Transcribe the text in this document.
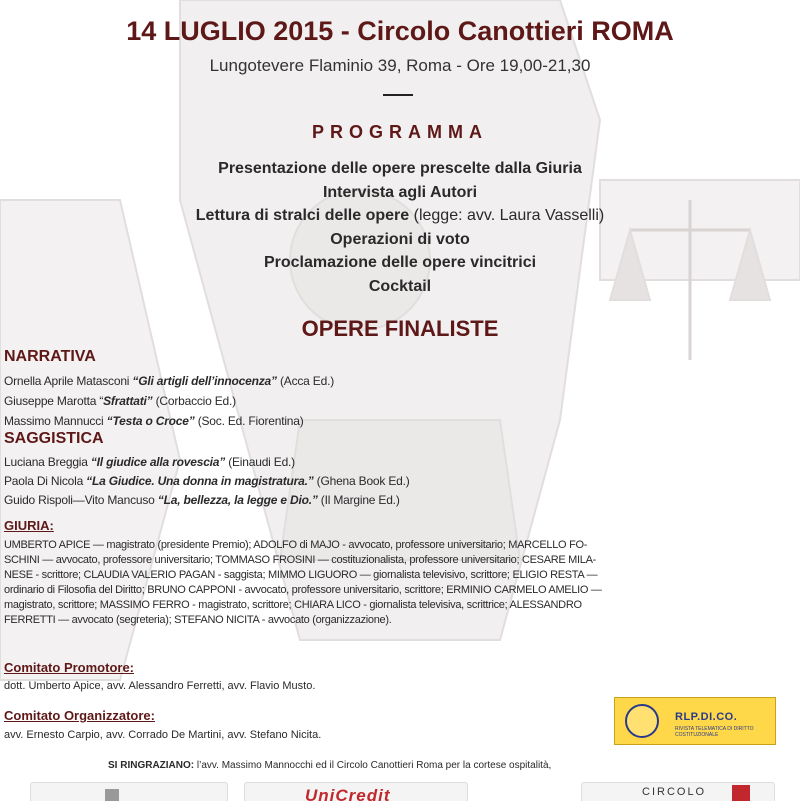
14 LUGLIO 2015 - Circolo Canottieri ROMA
Lungotevere Flaminio 39, Roma - Ore 19,00-21,30
PROGRAMMA
Presentazione delle opere prescelte dalla Giuria
Intervista agli Autori
Lettura di stralci delle opere (legge: avv. Laura Vasselli)
Operazioni di voto
Proclamazione delle opere vincitrici
Cocktail
OPERE FINALISTE
NARRATIVA
Ornella Aprile Matasconi “Gli artigli dell’innocenza” (Acca Ed.)
Giuseppe Marotta “Sfrattati” (Corbaccio Ed.)
Massimo Mannucci “Testa o Croce” (Soc. Ed. Fiorentina)
SAGGISTICA
Luciana Breggia “Il giudice alla rovescia” (Einaudi Ed.)
Paola Di Nicola “La Giudice. Una donna in magistratura.” (Ghena Book Ed.)
Guido Rispoli—Vito Mancuso “La, bellezza, la legge e Dio.” (Il Margine Ed.)
GIURIA:
UMBERTO APICE — magistrato (presidente Premio); ADOLFO di MAJO - avvocato, professore universitario; MARCELLO FO-
SCHINI — avvocato, professore universitario; TOMMASO FROSINI — costituzionalista, professore universitario; CESARE MILA-
NESE - scrittore; CLAUDIA VALERIO PAGAN - saggista; MIMMO LIGUORO — giornalista televisivo, scrittore; ELIGIO RESTA —
ordinario di Filosofia del Diritto; BRUNO CAPPONI - avvocato, professore universitario, scrittore; ERMINIO CARMELO AMELIO —
magistrato, scrittore; MASSIMO FERRO - magistrato, scrittore; CHIARA LICO - giornalista televisiva, scrittrice; ALESSANDRO
FERRETTI — avvocato (segreteria); STEFANO NICITA - avvocato (organizzazione).
Comitato Promotore:
dott. Umberto Apice, avv. Alessandro Ferretti, avv. Flavio Musto.
Comitato Organizzatore:
avv. Ernesto Carpio, avv. Corrado De Martini, avv. Stefano Nicita.
RLP.DI.CO.
RIVISTA TELEMATICA DI DIRITTO COSTITUZIONALE
SI RINGRAZIANO: l’avv. Massimo Mannocchi ed il Circolo Canottieri Roma per la cortese ospitalità,
UniCredit	CIRCOLO
